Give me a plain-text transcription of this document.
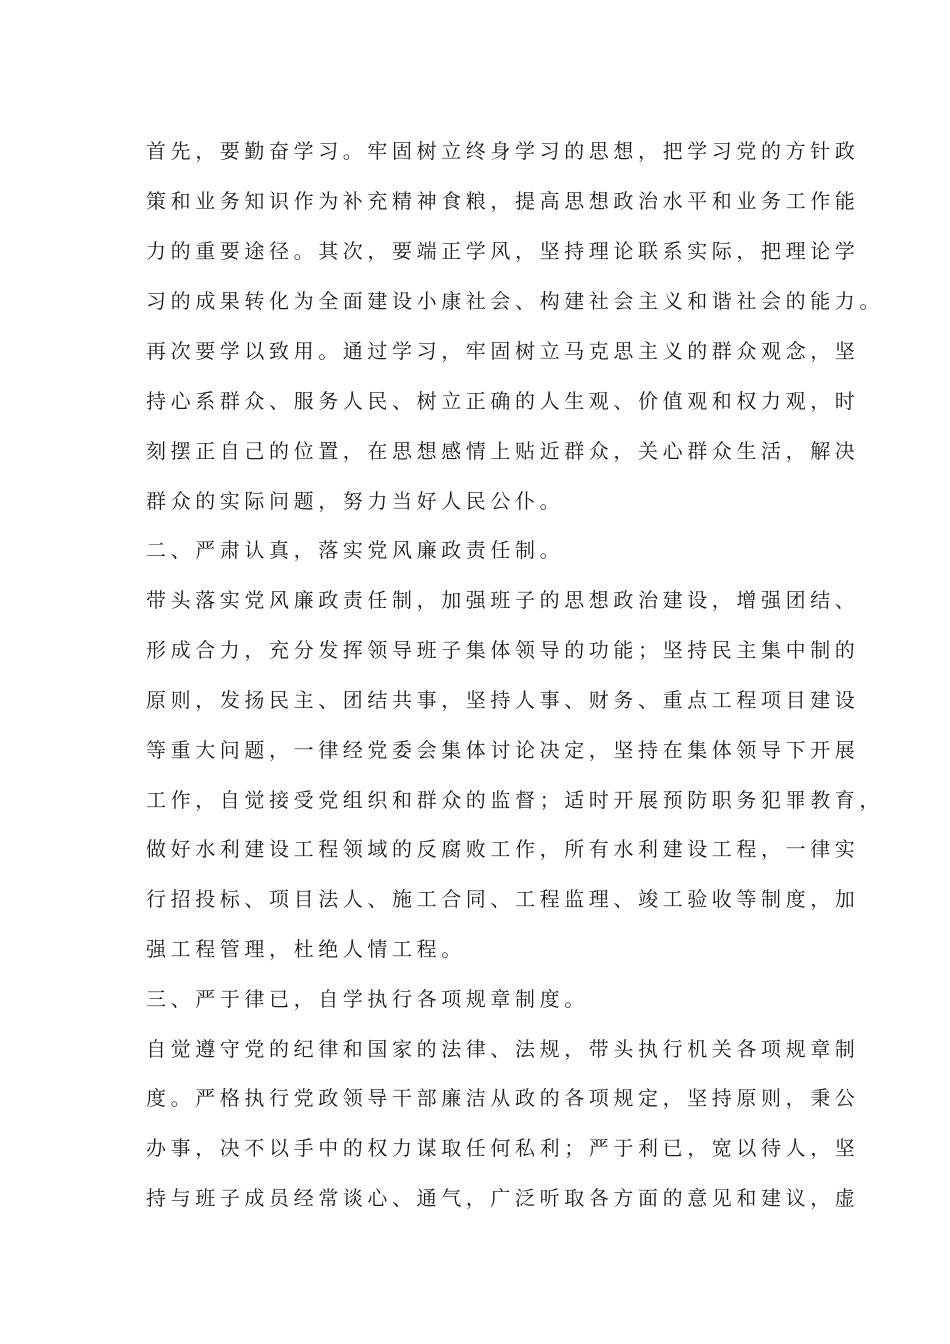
首先，要勤奋学习。牢固树立终身学习的思想，把学习党的方针政
策和业务知识作为补充精神食粮，提高思想政治水平和业务工作能
力的重要途径。其次，要端正学风，坚持理论联系实际，把理论学
习的成果转化为全面建设小康社会、构建社会主义和谐社会的能力。
再次要学以致用。通过学习，牢固树立马克思主义的群众观念，坚
持心系群众、服务人民、树立正确的人生观、价值观和权力观，时
刻摆正自己的位置，在思想感情上贴近群众，关心群众生活，解决
群众的实际问题，努力当好人民公仆。
二、严肃认真，落实党风廉政责任制。
带头落实党风廉政责任制，加强班子的思想政治建设，增强团结、
形成合力，充分发挥领导班子集体领导的功能；坚持民主集中制的
原则，发扬民主、团结共事，坚持人事、财务、重点工程项目建设
等重大问题，一律经党委会集体讨论决定，坚持在集体领导下开展
工作，自觉接受党组织和群众的监督；适时开展预防职务犯罪教育，
做好水利建设工程领域的反腐败工作，所有水利建设工程，一律实
行招投标、项目法人、施工合同、工程监理、竣工验收等制度，加
强工程管理，杜绝人情工程。
三、严于律已，自学执行各项规章制度。
自觉遵守党的纪律和国家的法律、法规，带头执行机关各项规章制
度。严格执行党政领导干部廉洁从政的各项规定，坚持原则，秉公
办事，决不以手中的权力谋取任何私利；严于利已，宽以待人，坚
持与班子成员经常谈心、通气，广泛听取各方面的意见和建议，虚
